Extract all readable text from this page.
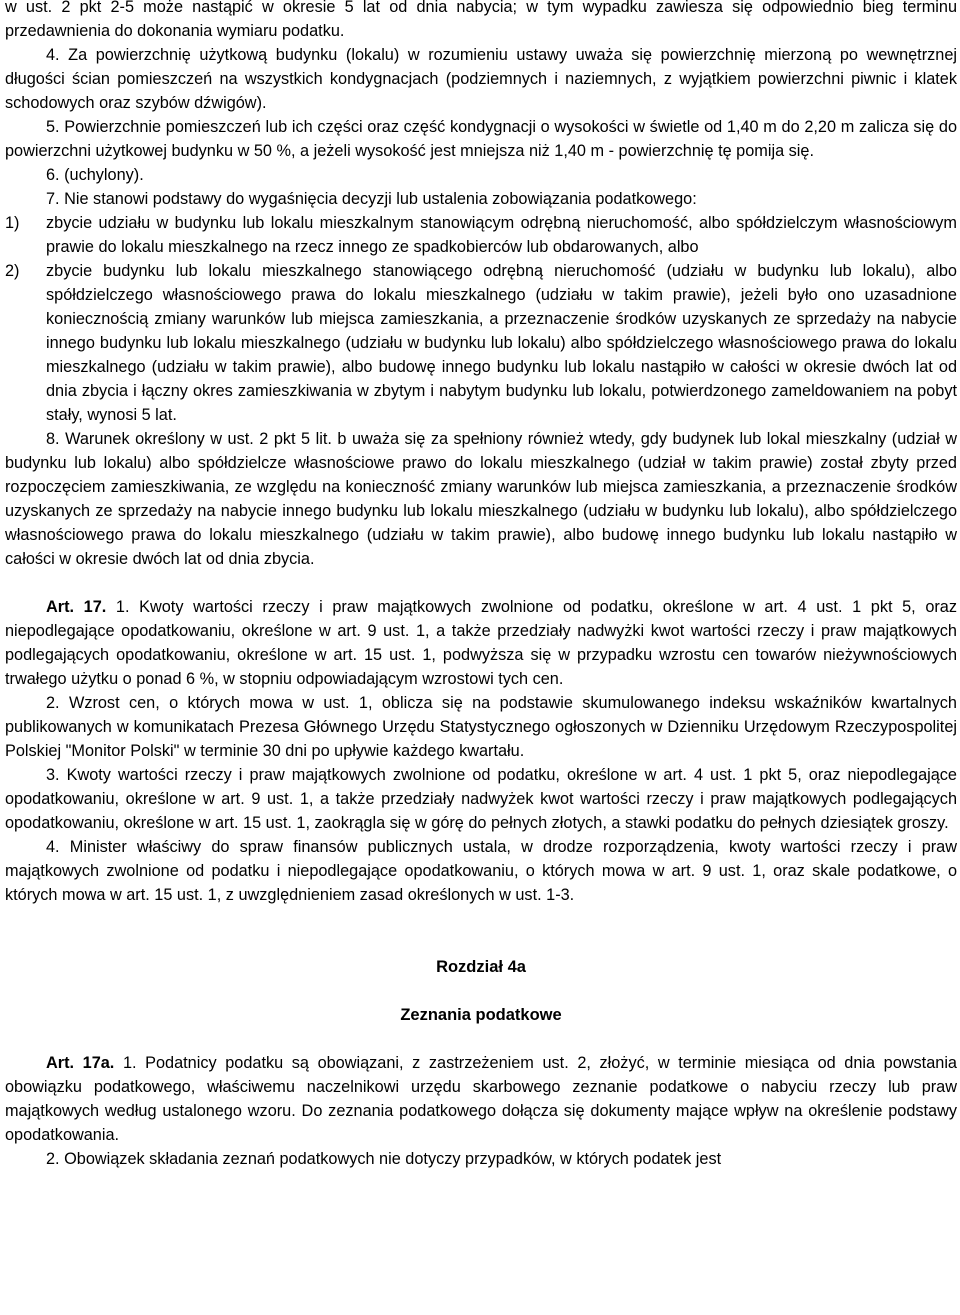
w ust. 2 pkt 2-5 może nastąpić w okresie 5 lat od dnia nabycia; w tym wypadku zawiesza się odpowiednio bieg terminu przedawnienia do dokonania wymiaru podatku.

4. Za powierzchnię użytkową budynku (lokalu) w rozumieniu ustawy uważa się powierzchnię mierzoną po wewnętrznej długości ścian pomieszczeń na wszystkich kondygnacjach (podziemnych i naziemnych, z wyjątkiem powierzchni piwnic i klatek schodowych oraz szybów dźwigów).

5. Powierzchnie pomieszczeń lub ich części oraz część kondygnacji o wysokości w świetle od 1,40 m do 2,20 m zalicza się do powierzchni użytkowej budynku w 50 %, a jeżeli wysokość jest mniejsza niż 1,40 m - powierzchnię tę pomija się.

6. (uchylony).

7. Nie stanowi podstawy do wygaśnięcia decyzji lub ustalenia zobowiązania podatkowego:

1)	zbycie udziału w budynku lub lokalu mieszkalnym stanowiącym odrębną nieruchomość, albo spółdzielczym własnościowym prawie do lokalu mieszkalnego na rzecz innego ze spadkobierców lub obdarowanych, albo
2)	zbycie budynku lub lokalu mieszkalnego stanowiącego odrębną nieruchomość (udziału w budynku lub lokalu), albo spółdzielczego własnościowego prawa do lokalu mieszkalnego (udziału w takim prawie), jeżeli było ono uzasadnione koniecznością zmiany warunków lub miejsca zamieszkania, a przeznaczenie środków uzyskanych ze sprzedaży na nabycie innego budynku lub lokalu mieszkalnego (udziału w budynku lub lokalu) albo spółdzielczego własnościowego prawa do lokalu mieszkalnego (udziału w takim prawie), albo budowę innego budynku lub lokalu nastąpiło w całości w okresie dwóch lat od dnia zbycia i łączny okres zamieszkiwania w zbytym i nabytym budynku lub lokalu, potwierdzonego zameldowaniem na pobyt stały, wynosi 5 lat.

8. Warunek określony w ust. 2 pkt 5 lit. b uważa się za spełniony również wtedy, gdy budynek lub lokal mieszkalny (udział w budynku lub lokalu) albo spółdzielcze własnościowe prawo do lokalu mieszkalnego (udział w takim prawie) został zbyty przed rozpoczęciem zamieszkiwania, ze względu na konieczność zmiany warunków lub miejsca zamieszkania, a przeznaczenie środków uzyskanych ze sprzedaży na nabycie innego budynku lub lokalu mieszkalnego (udziału w budynku lub lokalu), albo spółdzielczego własnościowego prawa do lokalu mieszkalnego (udziału w takim prawie), albo budowę innego budynku lub lokalu nastąpiło w całości w okresie dwóch lat od dnia zbycia.

Art. 17. 1. Kwoty wartości rzeczy i praw majątkowych zwolnione od podatku, określone w art. 4 ust. 1 pkt 5, oraz niepodlegające opodatkowaniu, określone w art. 9 ust. 1, a także przedziały nadwyżki kwot wartości rzeczy i praw majątkowych podlegających opodatkowaniu, określone w art. 15 ust. 1, podwyższa się w przypadku wzrostu cen towarów nieżywnościowych trwałego użytku o ponad 6 %, w stopniu odpowiadającym wzrostowi tych cen.

2. Wzrost cen, o których mowa w ust. 1, oblicza się na podstawie skumulowanego indeksu wskaźników kwartalnych publikowanych w komunikatach Prezesa Głównego Urzędu Statystycznego ogłoszonych w Dzienniku Urzędowym Rzeczypospolitej Polskiej "Monitor Polski" w terminie 30 dni po upływie każdego kwartału.

3. Kwoty wartości rzeczy i praw majątkowych zwolnione od podatku, określone w art. 4 ust. 1 pkt 5, oraz niepodlegające opodatkowaniu, określone w art. 9 ust. 1, a także przedziały nadwyżek kwot wartości rzeczy i praw majątkowych podlegających opodatkowaniu, określone w art. 15 ust. 1, zaokrągla się w górę do pełnych złotych, a stawki podatku do pełnych dziesiątek groszy.

4. Minister właściwy do spraw finansów publicznych ustala, w drodze rozporządzenia, kwoty wartości rzeczy i praw majątkowych zwolnione od podatku i niepodlegające opodatkowaniu, o których mowa w art. 9 ust. 1, oraz skale podatkowe, o których mowa w art. 15 ust. 1, z uwzględnieniem zasad określonych w ust. 1-3.

Rozdział 4a

Zeznania podatkowe

Art. 17a. 1. Podatnicy podatku są obowiązani, z zastrzeżeniem ust. 2, złożyć, w terminie miesiąca od dnia powstania obowiązku podatkowego, właściwemu naczelnikowi urzędu skarbowego zeznanie podatkowe o nabyciu rzeczy lub praw majątkowych według ustalonego wzoru. Do zeznania podatkowego dołącza się dokumenty mające wpływ na określenie podstawy opodatkowania.

2. Obowiązek składania zeznań podatkowych nie dotyczy przypadków, w których podatek jest
